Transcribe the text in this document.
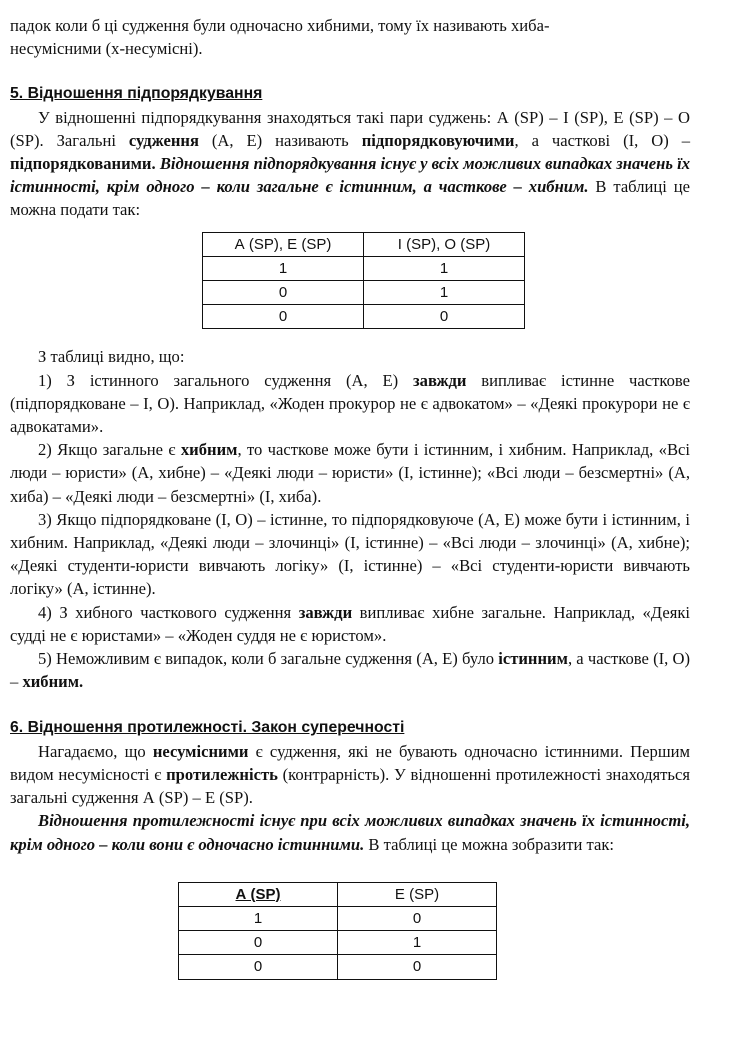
падок коли б ці судження були одночасно хибними, тому їх називають хиба-
несумісними (х-несумісні).

5. Відношення підпорядкування

У відношенні підпорядкування знаходяться такі пари суджень: А (SP) – І (SP), Е (SP) – О (SP). Загальні судження (А, Е) називають підпорядковуючими, а часткові (І, О) – підпорядкованими. Відношення підпорядкування існує у всіх можливих випадках значень їх істинності, крім одного – коли загальне є істинним, а часткове – хибним. В таблиці це можна подати так:

А (SP), Е (SP)	І (SP), О (SP)
1	1
0	1
0	0

З таблиці видно, що:

1) З істинного загального судження (А, Е) завжди випливає істинне часткове (підпорядковане – І, О). Наприклад, «Жоден прокурор не є адвокатом» – «Деякі прокурори не є адвокатами».

2) Якщо загальне є хибним, то часткове може бути і істинним, і хибним. Наприклад, «Всі люди – юристи» (А, хибне) – «Деякі люди – юристи» (І, істинне); «Всі люди – безсмертні» (А, хиба) – «Деякі люди – безсмертні» (І, хиба).

3) Якщо підпорядковане (І, О) – істинне, то підпорядковуюче (А, Е) може бути і істинним, і хибним. Наприклад, «Деякі люди – злочинці» (І, істинне) – «Всі люди – злочинці» (А, хибне); «Деякі студенти-юристи вивчають логіку» (І, істинне) – «Всі студенти-юристи вивчають логіку» (А, істинне).

4) З хибного часткового судження завжди випливає хибне загальне. Наприклад, «Деякі судді не є юристами» – «Жоден суддя не є юристом».

5) Неможливим є випадок, коли б загальне судження (А, Е) було істинним, а часткове (І, О) – хибним.

6. Відношення протилежності. Закон суперечності

Нагадаємо, що несумісними є судження, які не бувають одночасно істинними. Першим видом несумісності є протилежність (контрарність). У відношенні протилежності знаходяться загальні судження А (SP) – Е (SP).

Відношення протилежності існує при всіх можливих випадках значень їх істинності, крім одного – коли вони є одночасно істинними. В таблиці це можна зобразити так:

А (SP)	Е (SP)
1	0
0	1
0	0
